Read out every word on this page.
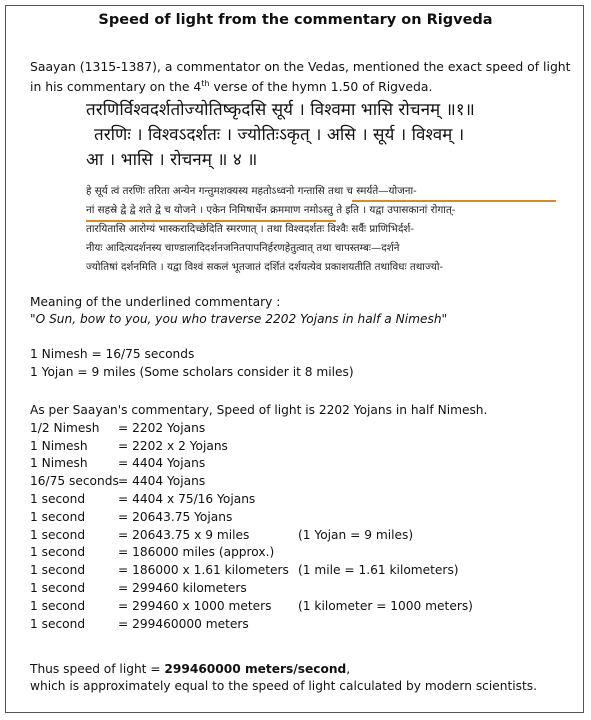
Speed of light from the commentary on Rigveda
Saayan (1315-1387), a commentator on the Vedas, mentioned the exact speed of light
in his commentary on the 4th verse of the hymn 1.50 of Rigveda.
तरणिर्विश्वदर्शतोज्योतिष्कृदसि सूर्य । विश्वमा भासि रोचनम् ॥१॥
तरणिः । विश्वऽदर्शतः । ज्योतिःऽकृत् । असि । सूर्य । विश्वम् ।
आ । भासि । रोचनम् ॥ ४ ॥
हे सूर्य त्वं तरणिः तरिता अन्येन गन्तुमशक्यस्य महतोऽध्वनो गन्तासि तथा च स्मर्यते—योजना-
नां सहस्रे द्वे द्वे शते द्वे च योजने । एकेन निमिषार्धेन क्रममाण नमोऽस्तु ते इति । यद्वा उपासकानां रोगात्-
तारयितासि आरोग्यं भास्करादिच्छेदिति स्मरणात् । तथा विश्वदर्शतः विश्वैः सर्वैः प्राणिभिर्दर्श-
नीयः आदित्यदर्शनस्य चाण्डालादिदर्शनजनितपापनिर्हरणहेतुत्वात् तथा चापस्तम्बः—दर्शने
ज्योतिषां दर्शनमिति । यद्वा विश्वं सकलं भूतजातं दर्शितं दर्शयत्येव प्रकाशयतीति तथाविधः तथाज्यो-
Meaning of the underlined commentary :
"O Sun, bow to you, you who traverse 2202 Yojans in half a Nimesh"
1 Nimesh = 16/75 seconds
1 Yojan = 9 miles (Some scholars consider it 8 miles)
As per Saayan's commentary, Speed of light is 2202 Yojans in half Nimesh.
1/2 Nimesh = 2202 Yojans
1 Nimesh = 2202 x 2 Yojans
1 Nimesh = 4404 Yojans
16/75 seconds = 4404 Yojans
1 second	= 4404 x 75/16 Yojans
1 second	= 20643.75 Yojans
1 second	= 20643.75 x 9 miles	(1 Yojan = 9 miles)
1 second	= 186000 miles (approx.)
1 second	= 186000 x 1.61 kilometers (1 mile = 1.61 kilometers)
1 second	= 299460 kilometers
1 second	= 299460 x 1000 meters (1 kilometer = 1000 meters)
1 second	= 299460000 meters
Thus speed of light = 299460000 meters/second,
which is approximately equal to the speed of light calculated by modern scientists.
